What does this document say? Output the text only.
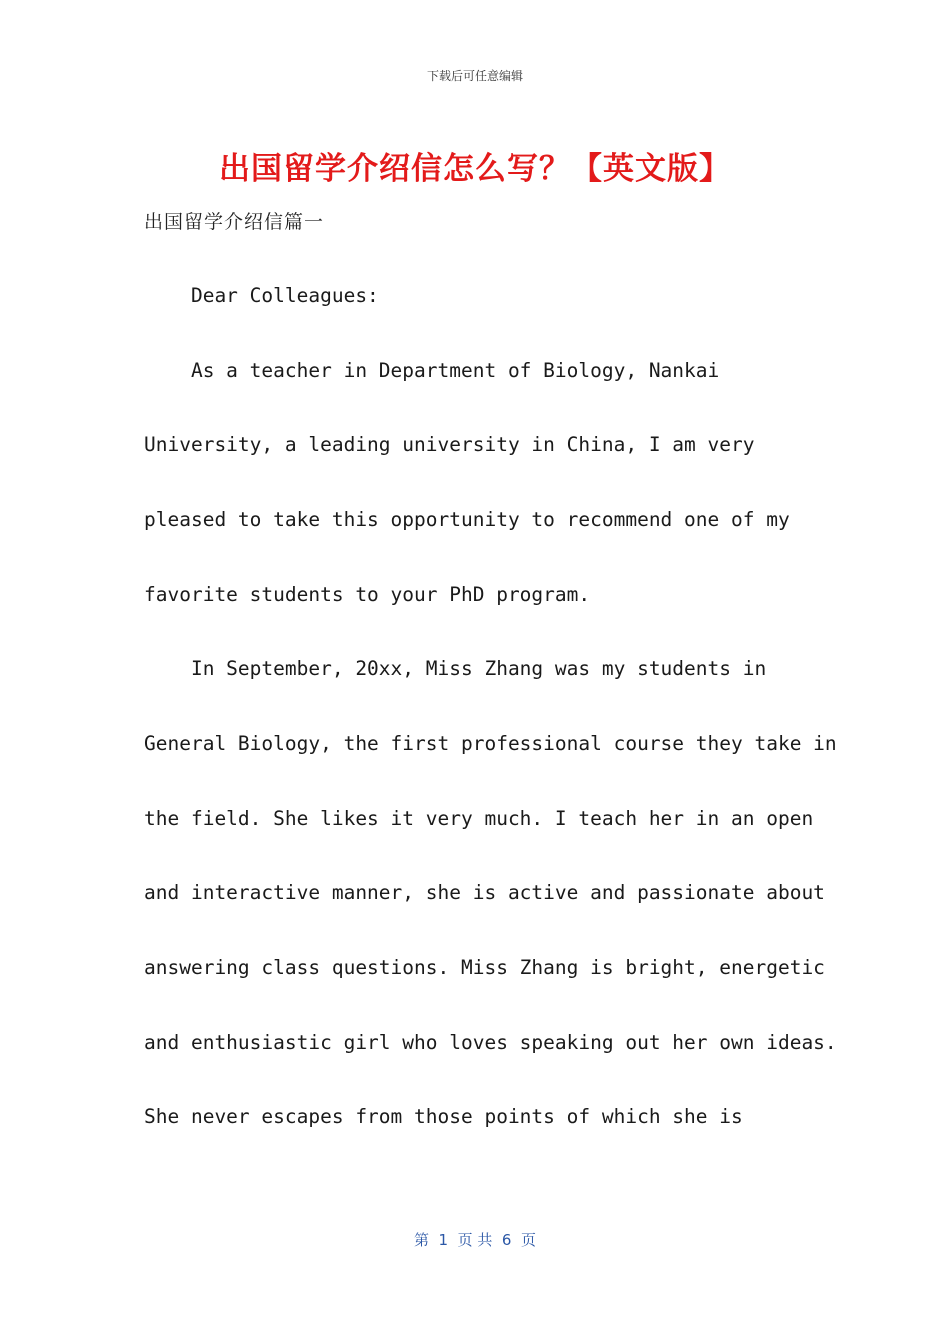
下载后可任意编辑
出国留学介绍信怎么写？【英文版】
出国留学介绍信篇一
Dear Colleagues:
As a teacher in Department of Biology, Nankai
University, a leading university in China, I am very
pleased to take this opportunity to recommend one of my
favorite students to your PhD program.
In September, 20xx, Miss Zhang was my students in
General Biology, the first professional course they take in
the field. She likes it very much. I teach her in an open
and interactive manner, she is active and passionate about
answering class questions. Miss Zhang is bright, energetic
and enthusiastic girl who loves speaking out her own ideas.
She never escapes from those points of which she is
第  1  页 共  6  页
